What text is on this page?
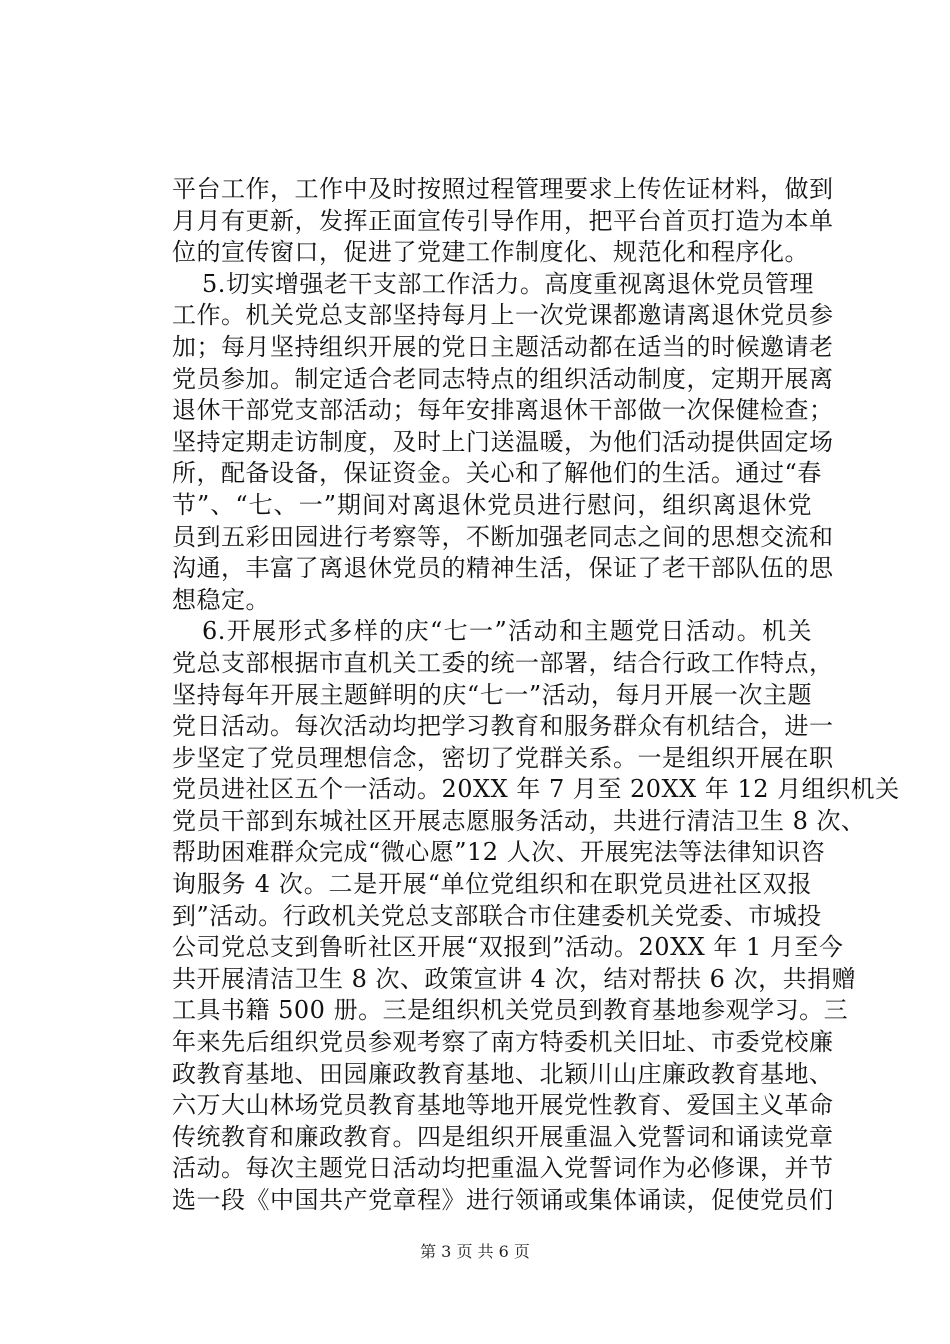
平台工作，工作中及时按照过程管理要求上传佐证材料，做到
月月有更新，发挥正面宣传引导作用，把平台首页打造为本单
位的宣传窗口，促进了党建工作制度化、规范化和程序化。
5.切实增强老干支部工作活力。高度重视离退休党员管理
工作。机关党总支部坚持每月上一次党课都邀请离退休党员参
加；每月坚持组织开展的党日主题活动都在适当的时候邀请老
党员参加。制定适合老同志特点的组织活动制度，定期开展离
退休干部党支部活动；每年安排离退休干部做一次保健检查；
坚持定期走访制度，及时上门送温暖，为他们活动提供固定场
所，配备设备，保证资金。关心和了解他们的生活。通过“春
节”、“七、一”期间对离退休党员进行慰问，组织离退休党
员到五彩田园进行考察等，不断加强老同志之间的思想交流和
沟通，丰富了离退休党员的精神生活，保证了老干部队伍的思
想稳定。
6.开展形式多样的庆“七一”活动和主题党日活动。机关
党总支部根据市直机关工委的统一部署，结合行政工作特点，
坚持每年开展主题鲜明的庆“七一”活动，每月开展一次主题
党日活动。每次活动均把学习教育和服务群众有机结合，进一
步坚定了党员理想信念，密切了党群关系。一是组织开展在职
党员进社区五个一活动。20XX 年 7 月至 20XX 年 12 月组织机关
党员干部到东城社区开展志愿服务活动，共进行清洁卫生 8 次、
帮助困难群众完成“微心愿”12 人次、开展宪法等法律知识咨
询服务 4 次。二是开展“单位党组织和在职党员进社区双报
到”活动。行政机关党总支部联合市住建委机关党委、市城投
公司党总支到鲁昕社区开展“双报到”活动。20XX 年 1 月至今
共开展清洁卫生 8 次、政策宣讲 4 次，结对帮扶 6 次，共捐赠
工具书籍 500 册。三是组织机关党员到教育基地参观学习。三
年来先后组织党员参观考察了南方特委机关旧址、市委党校廉
政教育基地、田园廉政教育基地、北颖川山庄廉政教育基地、
六万大山林场党员教育基地等地开展党性教育、爱国主义革命
传统教育和廉政教育。四是组织开展重温入党誓词和诵读党章
活动。每次主题党日活动均把重温入党誓词作为必修课，并节
选一段《中国共产党章程》进行领诵或集体诵读，促使党员们
第 3 页 共 6 页
